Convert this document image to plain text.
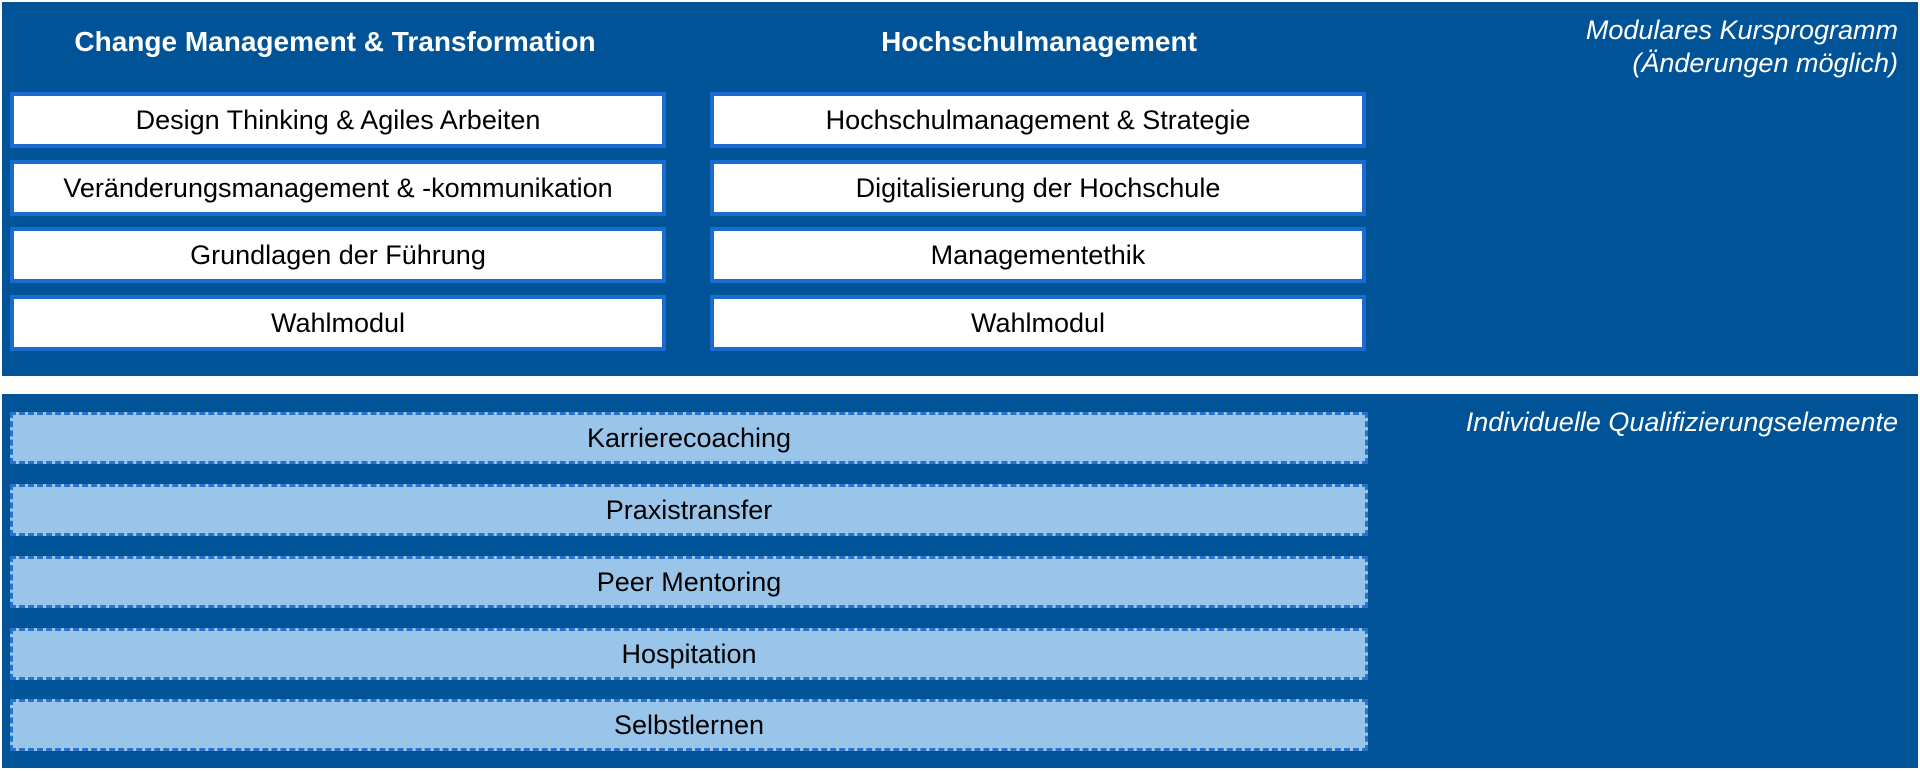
Modulares Kursprogramm
(Änderungen möglich)
Change Management & Transformation	Hochschulmanagement
Design Thinking & Agiles Arbeiten
Veränderungsmanagement & -kommunikation
Grundlagen der Führung
Wahlmodul
Hochschulmanagement & Strategie
Digitalisierung der Hochschule
Managementethik
Wahlmodul
Individuelle Qualifizierungselemente
Karrierecoaching
Praxistransfer
Peer Mentoring
Hospitation
Selbstlernen
